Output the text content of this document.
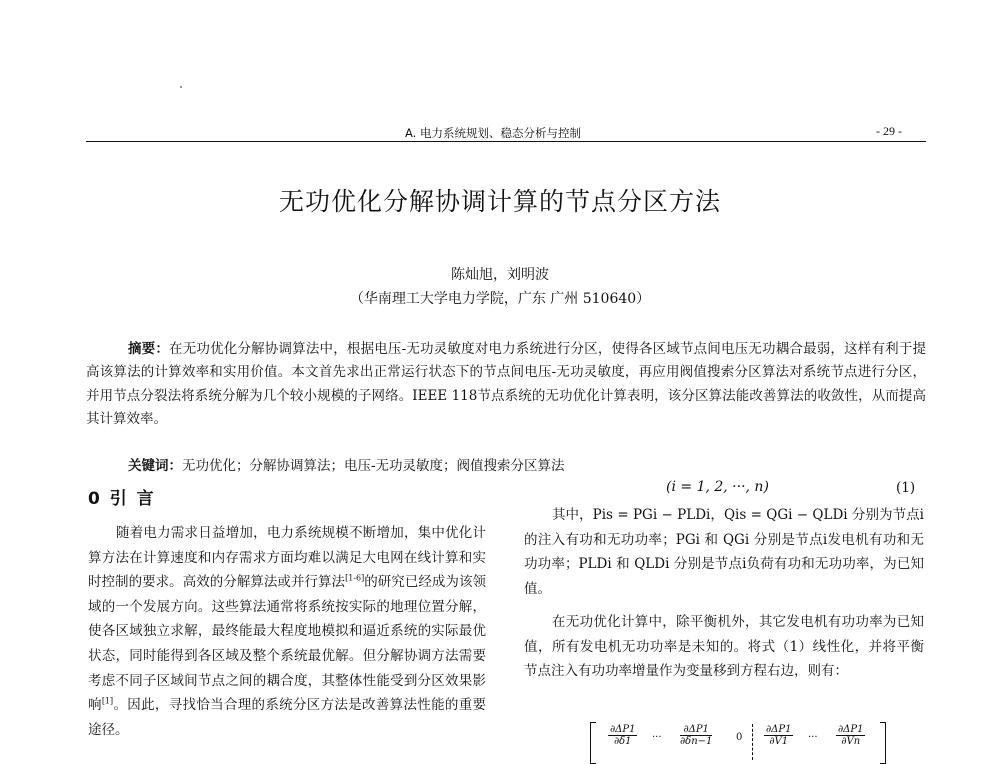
A. 电力系统规划、稳态分析与控制	- 29 -
无功优化分解协调计算的节点分区方法
陈灿旭，刘明波
（华南理工大学电力学院，广东 广州 510640）

摘要：在无功优化分解协调算法中，根据电压-无功灵敏度对电力系统进行分区，使得各区域节点间电压无功耦合最弱，这样有利于提高该算法的计算效率和实用价值。本文首先求出正常运行状态下的节点间电压-无功灵敏度，再应用阀值搜索分区算法对系统节点进行分区，并用节点分裂法将系统分解为几个较小规模的子网络。IEEE 118节点系统的无功优化计算表明，该分区算法能改善算法的收敛性，从而提高其计算效率。

关键词：无功优化；分解协调算法；电压-无功灵敏度；阀值搜索分区算法
0 引 言

随着电力需求日益增加，电力系统规模不断增加，集中优化计算方法在计算速度和内存需求方面均难以满足大电网在线计算和实时控制的要求。高效的分解算法或并行算法[1-6]的研究已经成为该领域的一个发展方向。这些算法通常将系统按实际的地理位置分解，使各区域独立求解，最终能最大程度地模拟和逼近系统的实际最优状态，同时能得到各区域及整个系统最优解。但分解协调方法需要考虑不同子区域间节点之间的耦合度，其整体性能受到分区效果影响[1]。因此，寻找恰当合理的系统分区方法是改善算法性能的重要途径。

(i = 1, 2, ···, n)	(1)

其中，Pis = PGi − PLDi，Qis = QGi − QLDi 分别为节点i的注入有功和无功功率；PGi 和 QGi 分别是节点i发电机有功和无功功率；PLDi 和 QLDi 分别是节点i负荷有功和无功功率，为已知值。

在无功优化计算中，除平衡机外，其它发电机有功功率为已知值，所有发电机无功功率是未知的。将式（1）线性化，并将平衡节点注入有功功率增量作为变量移到方程右边，则有：

$\frac{\partial\Delta P1}{\partial\delta 1}$ ··· $\frac{\partial\Delta P1}{\partial\delta n-1} 0 \frac{\partial\Delta P1}{\partial V1}$ ··· $\frac{\partial\Delta P1}{\partial Vn}$
